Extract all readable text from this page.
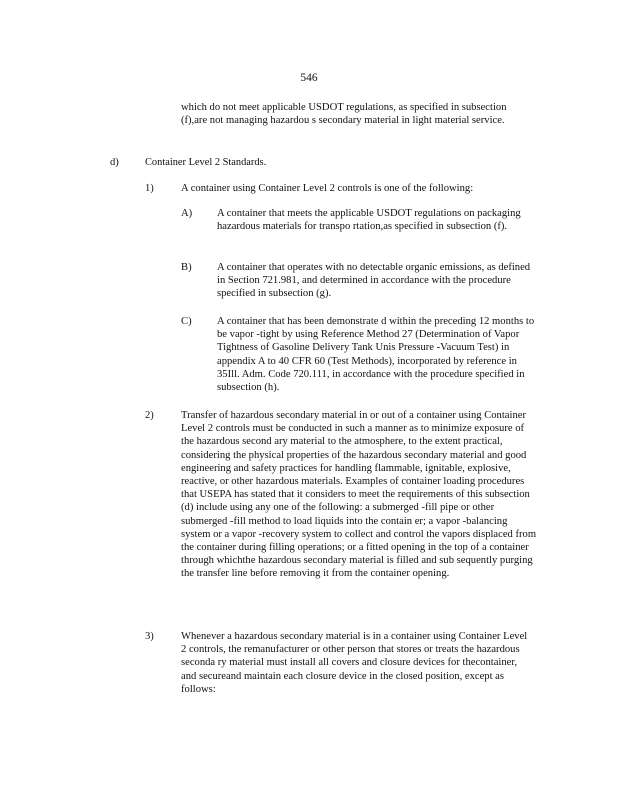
546

which do not meet applicable USDOT regulations, as specified in subsection (f),are not managing hazardou s secondary material in light material service.

d)	Container Level 2 Standards.
1)	A container using Container Level 2 controls is one of the following:

A) A container that meets the applicable USDOT regulations on packaging hazardous materials for transpo rtation,as specified in subsection (f).

B) A container that operates with no detectable organic emissions, as defined in Section 721.981, and determined in accordance with the procedure specified in subsection (g).

C) A container that has been demonstrate d within the preceding 12 months to be vapor -tight by using Reference Method 27 (Determination of Vapor Tightness of Gasoline Delivery Tank Unis Pressure -Vacuum Test) in appendix A to 40 CFR 60 (Test Methods), incorporated by reference in 35Ill. Adm. Code 720.111, in accordance with the procedure specified in subsection (h).

2)	Transfer of hazardous secondary material in or out of a container using Container Level 2 controls must be conducted in such a manner as to minimize exposure of the hazardous second ary material to the atmosphere, to the extent practical, considering the physical properties of the hazardous secondary material and good engineering and safety practices for handling flammable, ignitable, explosive, reactive, or other hazardous materials. Examples of container loading procedures that USEPA has stated that it considers to meet the requirements of this subsection (d) include using any one of the following: a submerged -fill pipe or other submerged -fill method to load liquids into the contain er; a vapor -balancing system or a vapor -recovery system to collect and control the vapors displaced from the container during filling operations; or a fitted opening in the top of a container through whichthe hazardous secondary material is filled and sub sequently purging the transfer line before removing it from the container opening.

3)	Whenever a hazardous secondary material is in a container using Container Level 2 controls, the remanufacturer or other person that stores or treats the hazardous seconda ry material must install all covers and closure devices for thecontainer, and secureand maintain each closure device in the closed position, except as follows:
